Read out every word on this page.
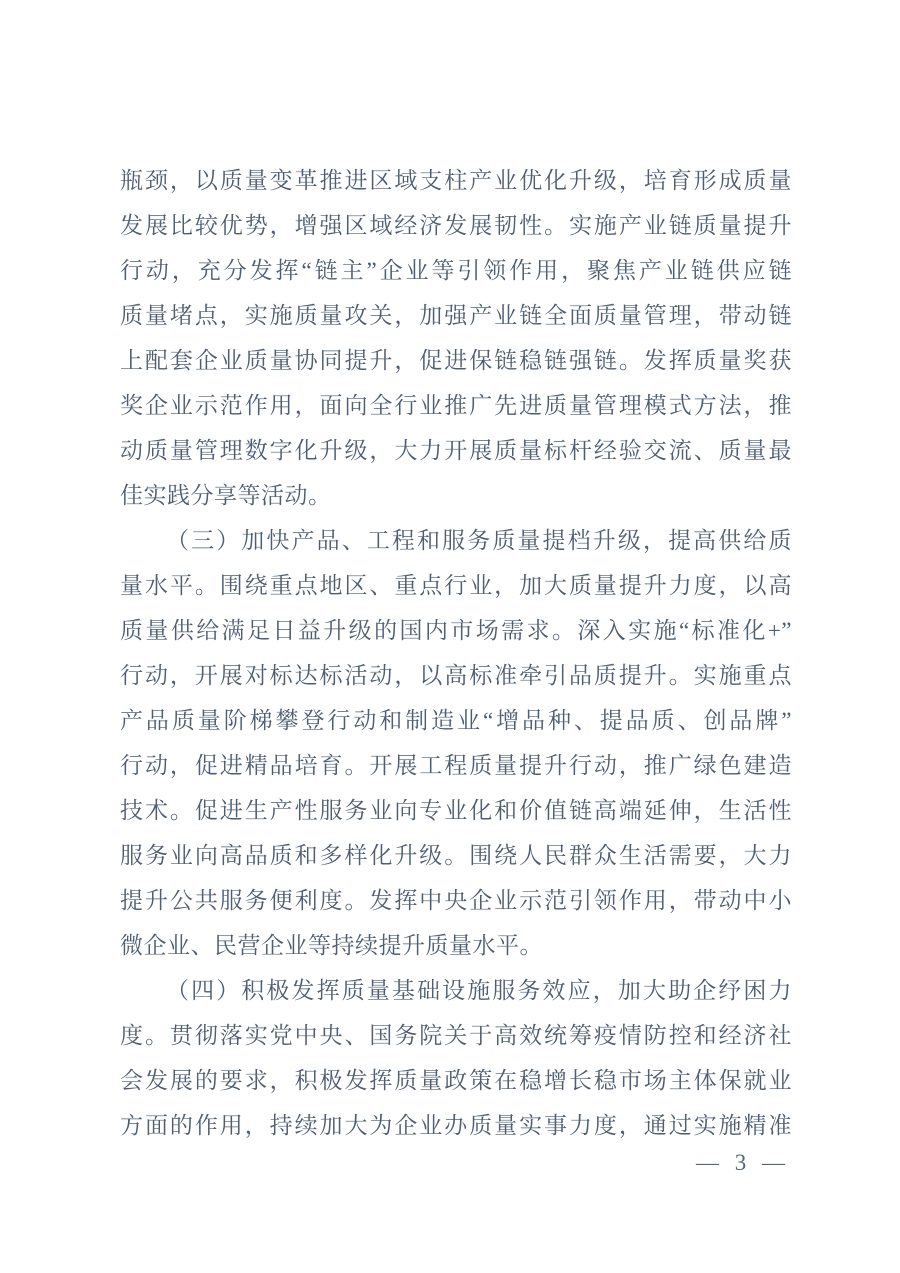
瓶颈，以质量变革推进区域支柱产业优化升级，培育形成质量
发展比较优势，增强区域经济发展韧性。实施产业链质量提升
行动，充分发挥“链主”企业等引领作用，聚焦产业链供应链
质量堵点，实施质量攻关，加强产业链全面质量管理，带动链
上配套企业质量协同提升，促进保链稳链强链。发挥质量奖获
奖企业示范作用，面向全行业推广先进质量管理模式方法，推
动质量管理数字化升级，大力开展质量标杆经验交流、质量最
佳实践分享等活动。
（三）加快产品、工程和服务质量提档升级，提高供给质
量水平。围绕重点地区、重点行业，加大质量提升力度，以高
质量供给满足日益升级的国内市场需求。深入实施“标准化+”
行动，开展对标达标活动，以高标准牵引品质提升。实施重点
产品质量阶梯攀登行动和制造业“增品种、提品质、创品牌”
行动，促进精品培育。开展工程质量提升行动，推广绿色建造
技术。促进生产性服务业向专业化和价值链高端延伸，生活性
服务业向高品质和多样化升级。围绕人民群众生活需要，大力
提升公共服务便利度。发挥中央企业示范引领作用，带动中小
微企业、民营企业等持续提升质量水平。
（四）积极发挥质量基础设施服务效应，加大助企纾困力
度。贯彻落实党中央、国务院关于高效统筹疫情防控和经济社
会发展的要求，积极发挥质量政策在稳增长稳市场主体保就业
方面的作用，持续加大为企业办质量实事力度，通过实施精准
— 3 —
